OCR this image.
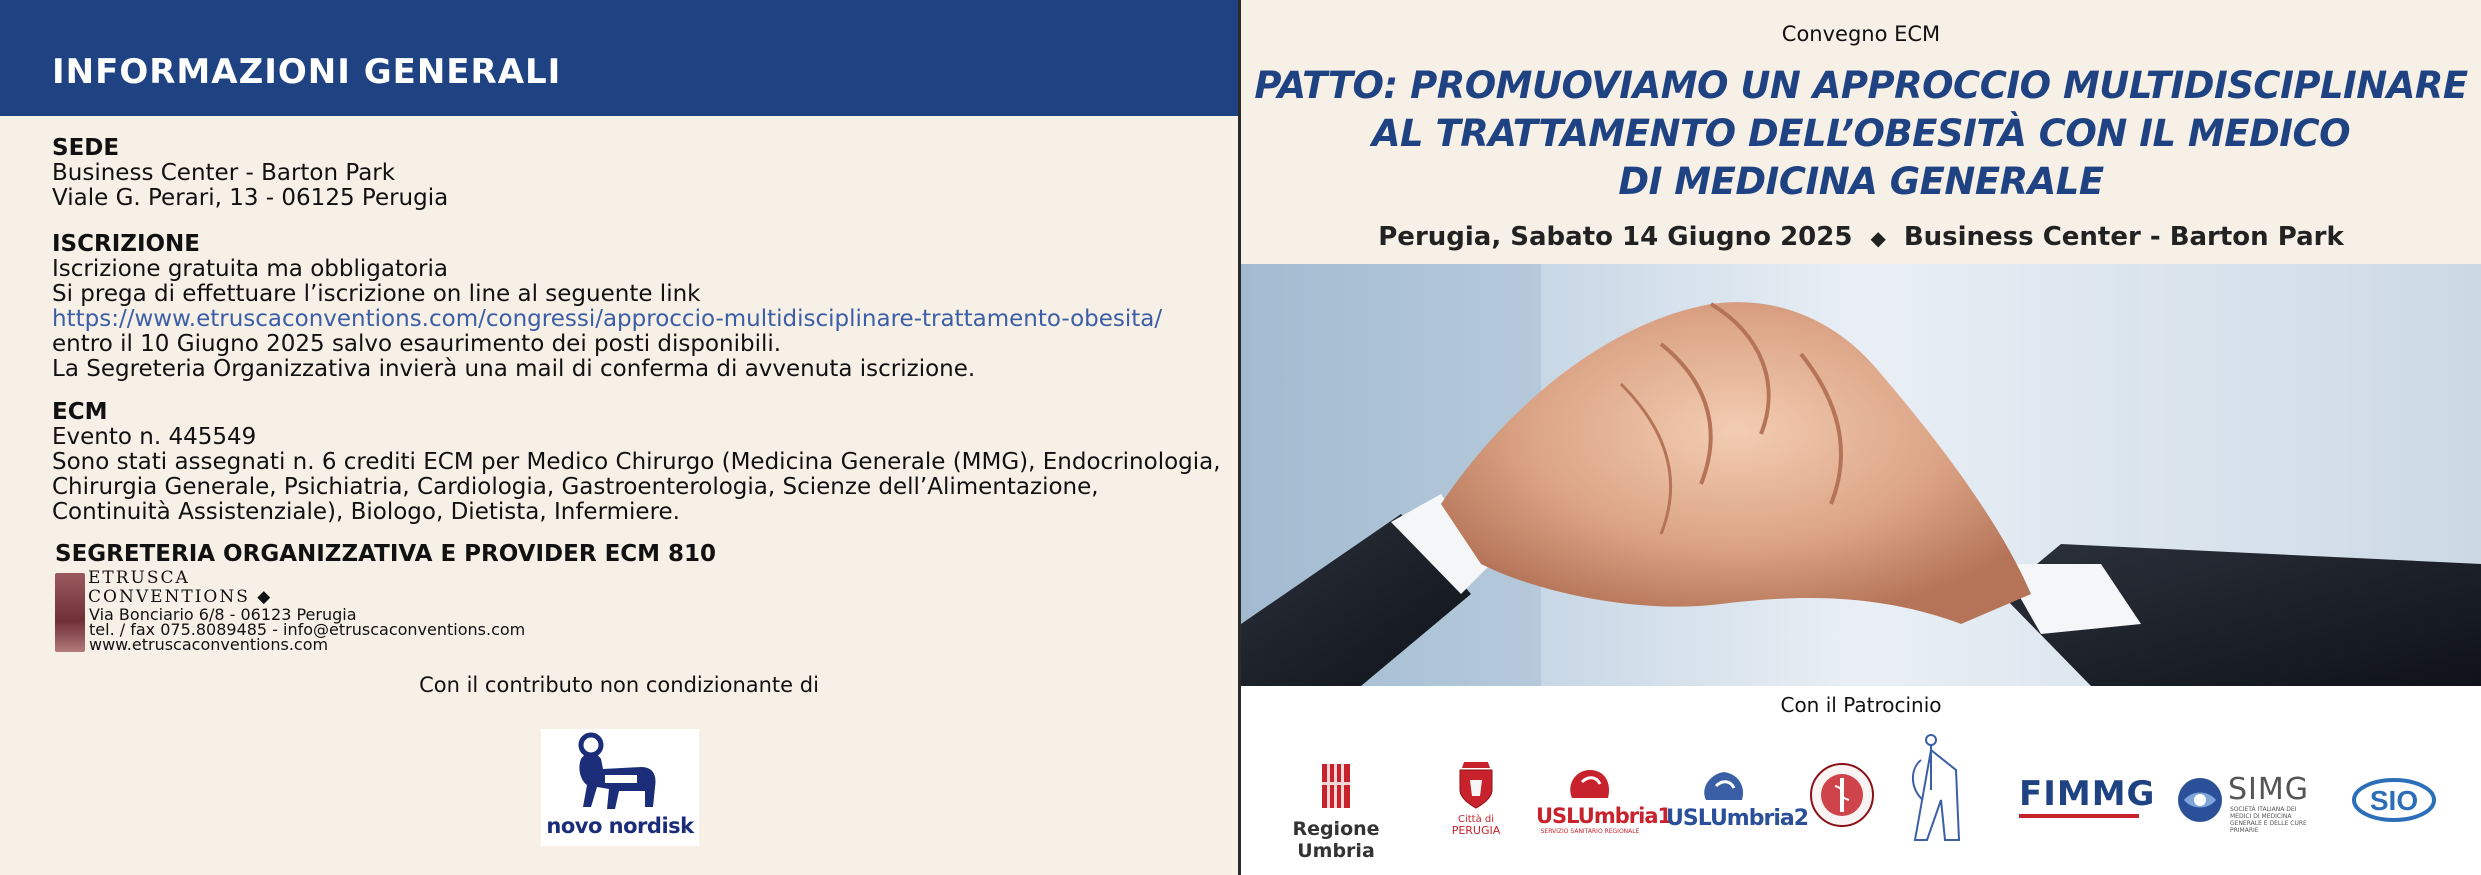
INFORMAZIONI GENERALI
SEDE
Business Center - Barton Park
Viale G. Perari, 13 - 06125 Perugia
ISCRIZIONE
Iscrizione gratuita ma obbligatoria
Si prega di effettuare l’iscrizione on line al seguente link
https://www.etruscaconventions.com/congressi/approccio-multidisciplinare-trattamento-obesita/
entro il 10 Giugno 2025 salvo esaurimento dei posti disponibili.
La Segreteria Organizzativa invierà una mail di conferma di avvenuta iscrizione.
ECM
Evento n. 445549
Sono stati assegnati n. 6 crediti ECM per Medico Chirurgo (Medicina Generale (MMG), Endocrinologia,
Chirurgia Generale, Psichiatria, Cardiologia, Gastroenterologia, Scienze dell’Alimentazione,
Continuità Assistenziale), Biologo, Dietista, Infermiere.
SEGRETERIA ORGANIZZATIVA E PROVIDER ECM 810
ETRUSCA
CONVENTIONS ◆
Via Bonciario 6/8 - 06123 Perugia
tel. / fax 075.8089485 - info@etruscaconventions.com
www.etruscaconventions.com
Con il contributo non condizionante di
novo nordisk
Convegno ECM
PATTO: PROMUOVIAMO UN APPROCCIO MULTIDISCIPLINARE
AL TRATTAMENTO DELL’OBESITÀ CON IL MEDICO
DI MEDICINA GENERALE
Perugia, Sabato 14 Giugno 2025 ◆ Business Center - Barton Park
Con il Patrocinio
Regione Umbria
Città di
PERUGIA
USLUmbria1
SERVIZIO SANITARIO REGIONALE
USLUmbria2
FIMMG SIMG
SOCIETÀ ITALIANA DEI MEDICI DI MEDICINA GENERALE E DELLE CURE PRIMARIE
SIO
